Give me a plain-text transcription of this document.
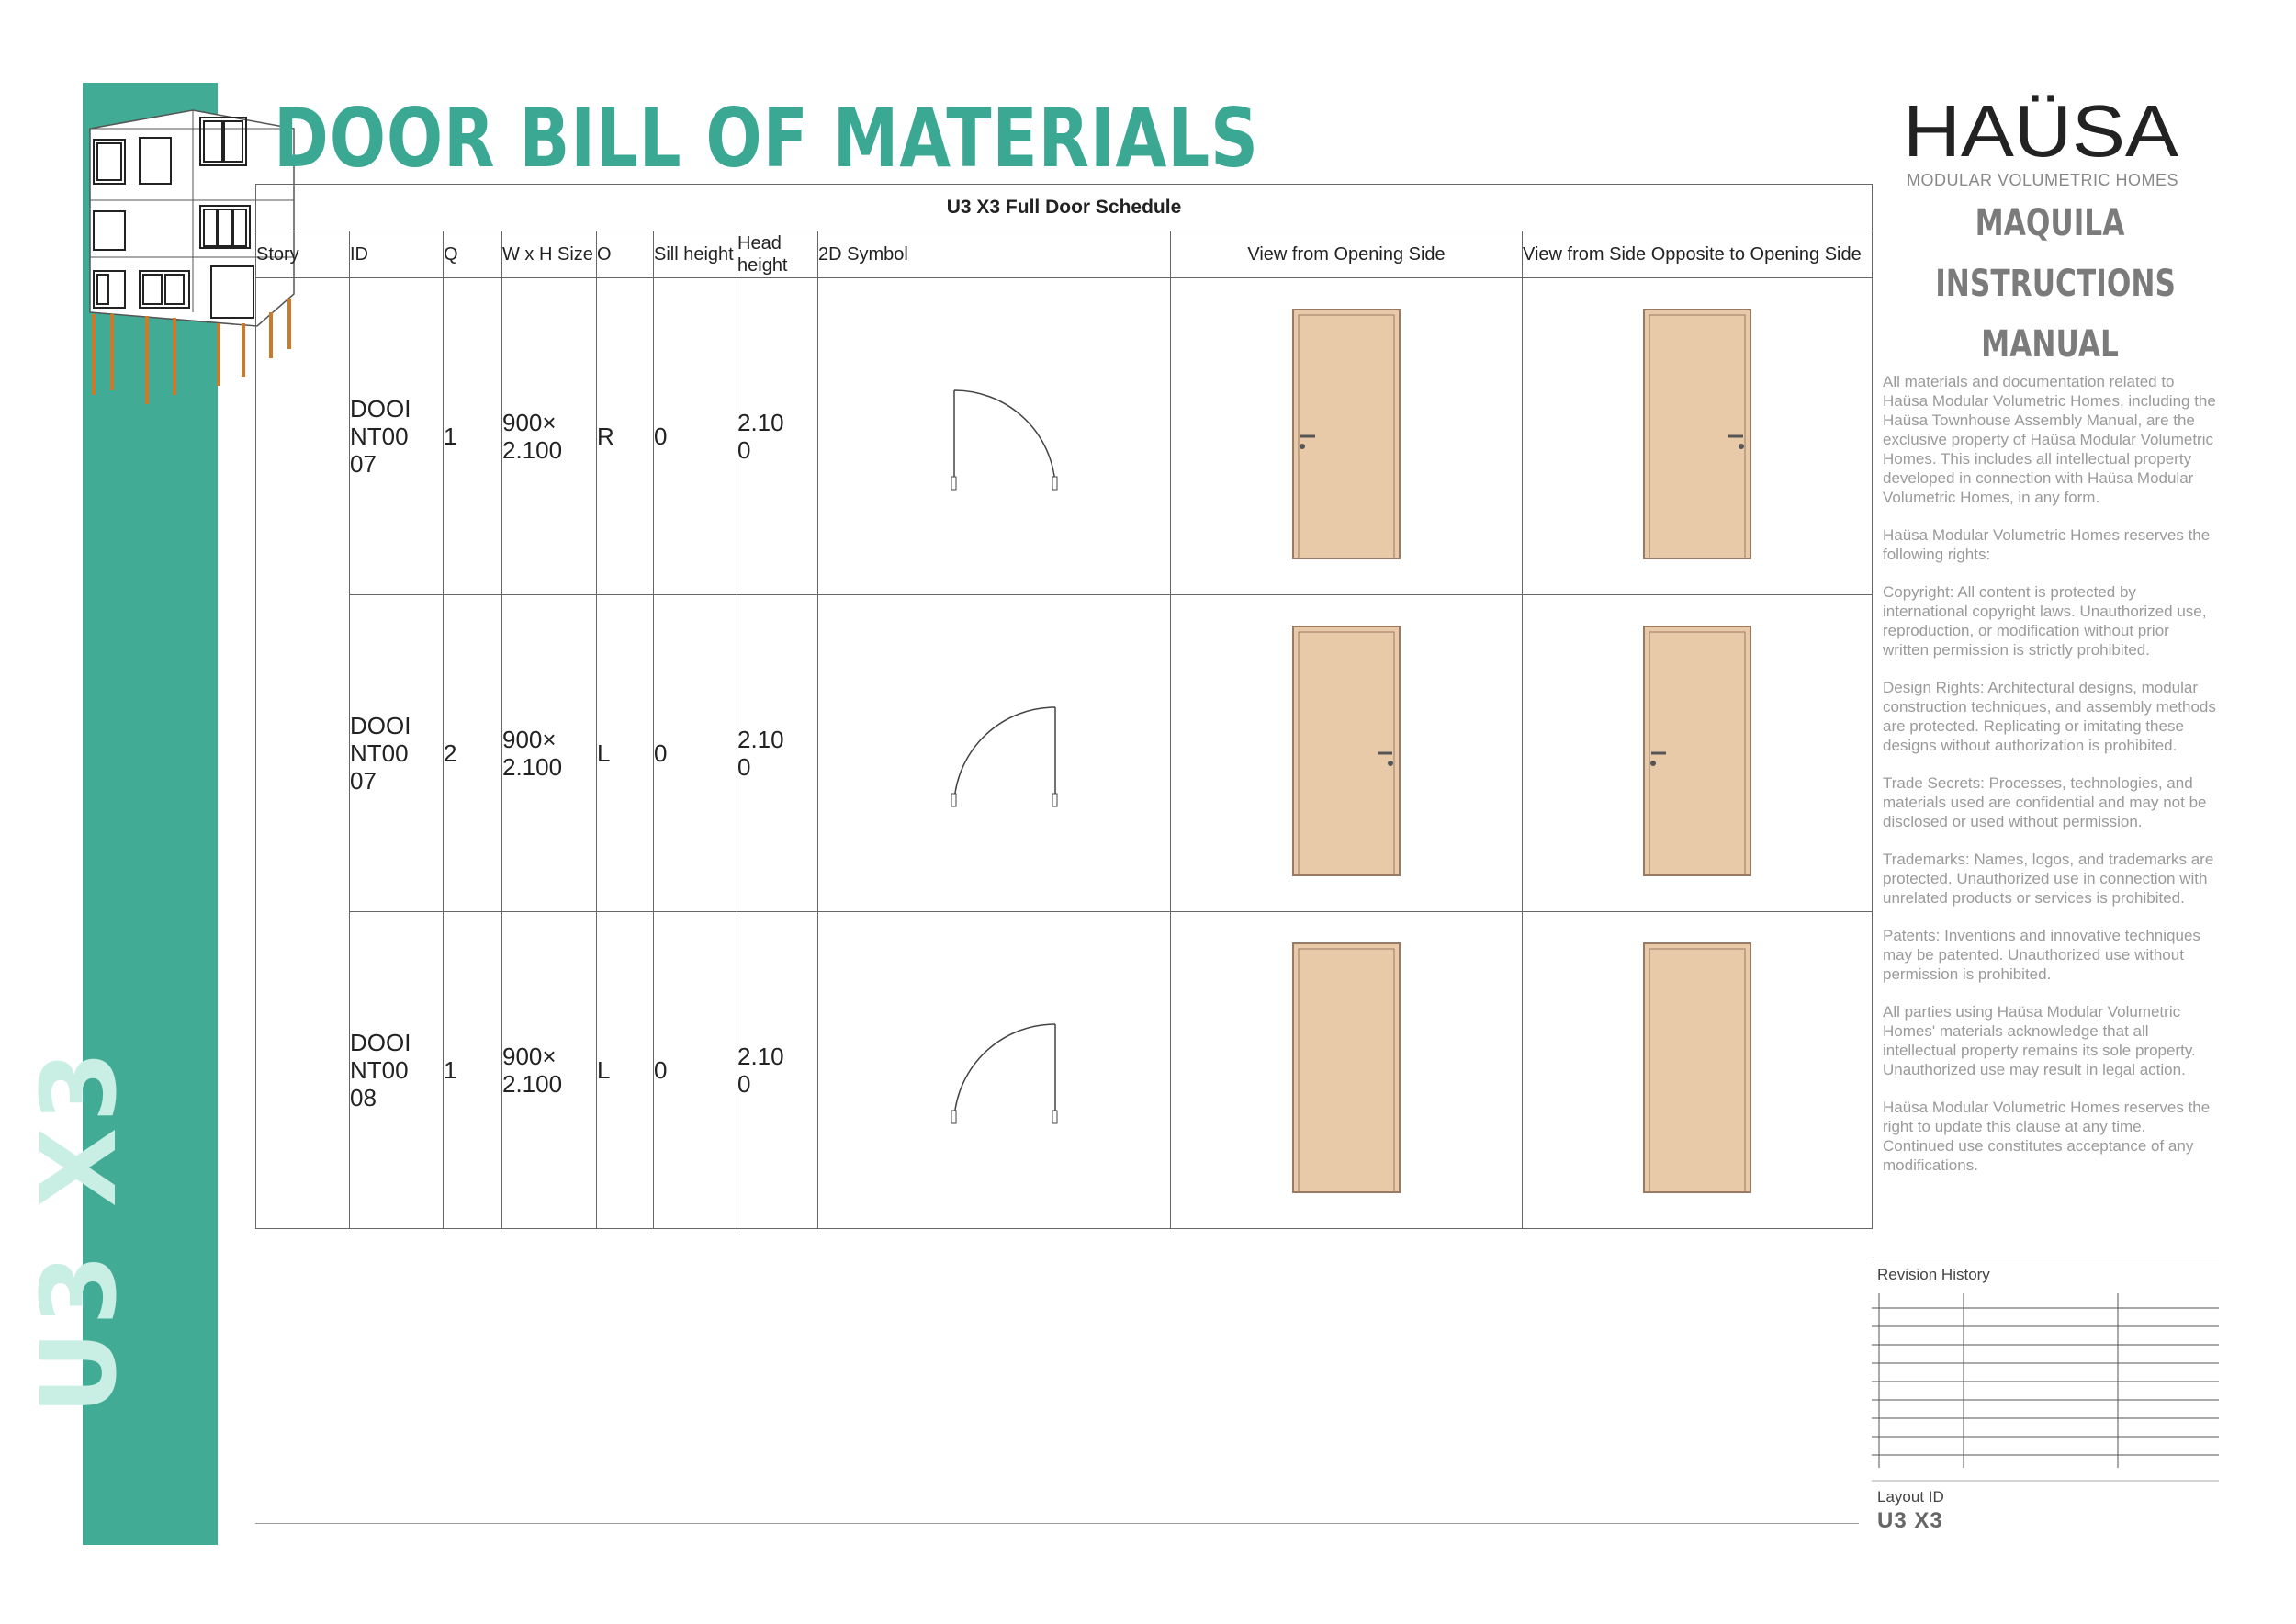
U3 X3
DOOR BILL OF MATERIALS
U3 X3 Full Door Schedule									
Story	ID	Q	W x H Size	O	Sill height	Head height	2D Symbol	View from Opening Side	View from Side Opposite to Opening Side

	DOOINT0007	1	900×2.100	R	0	2.100

	DOOINT0007	2	900×2.100	L	0	2.100

	DOOINT0008	1	900×2.100	L	0	2.100

HAÜSA
MODULAR VOLUMETRIC HOMES
MAQUILA
INSTRUCTIONS
MANUAL

All materials and documentation related to Haüsa Modular Volumetric Homes, including the Haüsa Townhouse Assembly Manual, are the exclusive property of Haüsa Modular Volumetric Homes. This includes all intellectual property developed in connection with Haüsa Modular Volumetric Homes, in any form.

Haüsa Modular Volumetric Homes reserves the following rights:

Copyright: All content is protected by international copyright laws. Unauthorized use, reproduction, or modification without prior written permission is strictly prohibited.

Design Rights: Architectural designs, modular construction techniques, and assembly methods are protected. Replicating or imitating these designs without authorization is prohibited.

Trade Secrets: Processes, technologies, and materials used are confidential and may not be disclosed or used without permission.

Trademarks: Names, logos, and trademarks are protected. Unauthorized use in connection with unrelated products or services is prohibited.

Patents: Inventions and innovative techniques may be patented. Unauthorized use without permission is prohibited.

All parties using Haüsa Modular Volumetric Homes' materials acknowledge that all intellectual property remains its sole property. Unauthorized use may result in legal action.

Haüsa Modular Volumetric Homes reserves the right to update this clause at any time. Continued use constitutes acceptance of any modifications.

Revision History
Layout ID
U3 X3
